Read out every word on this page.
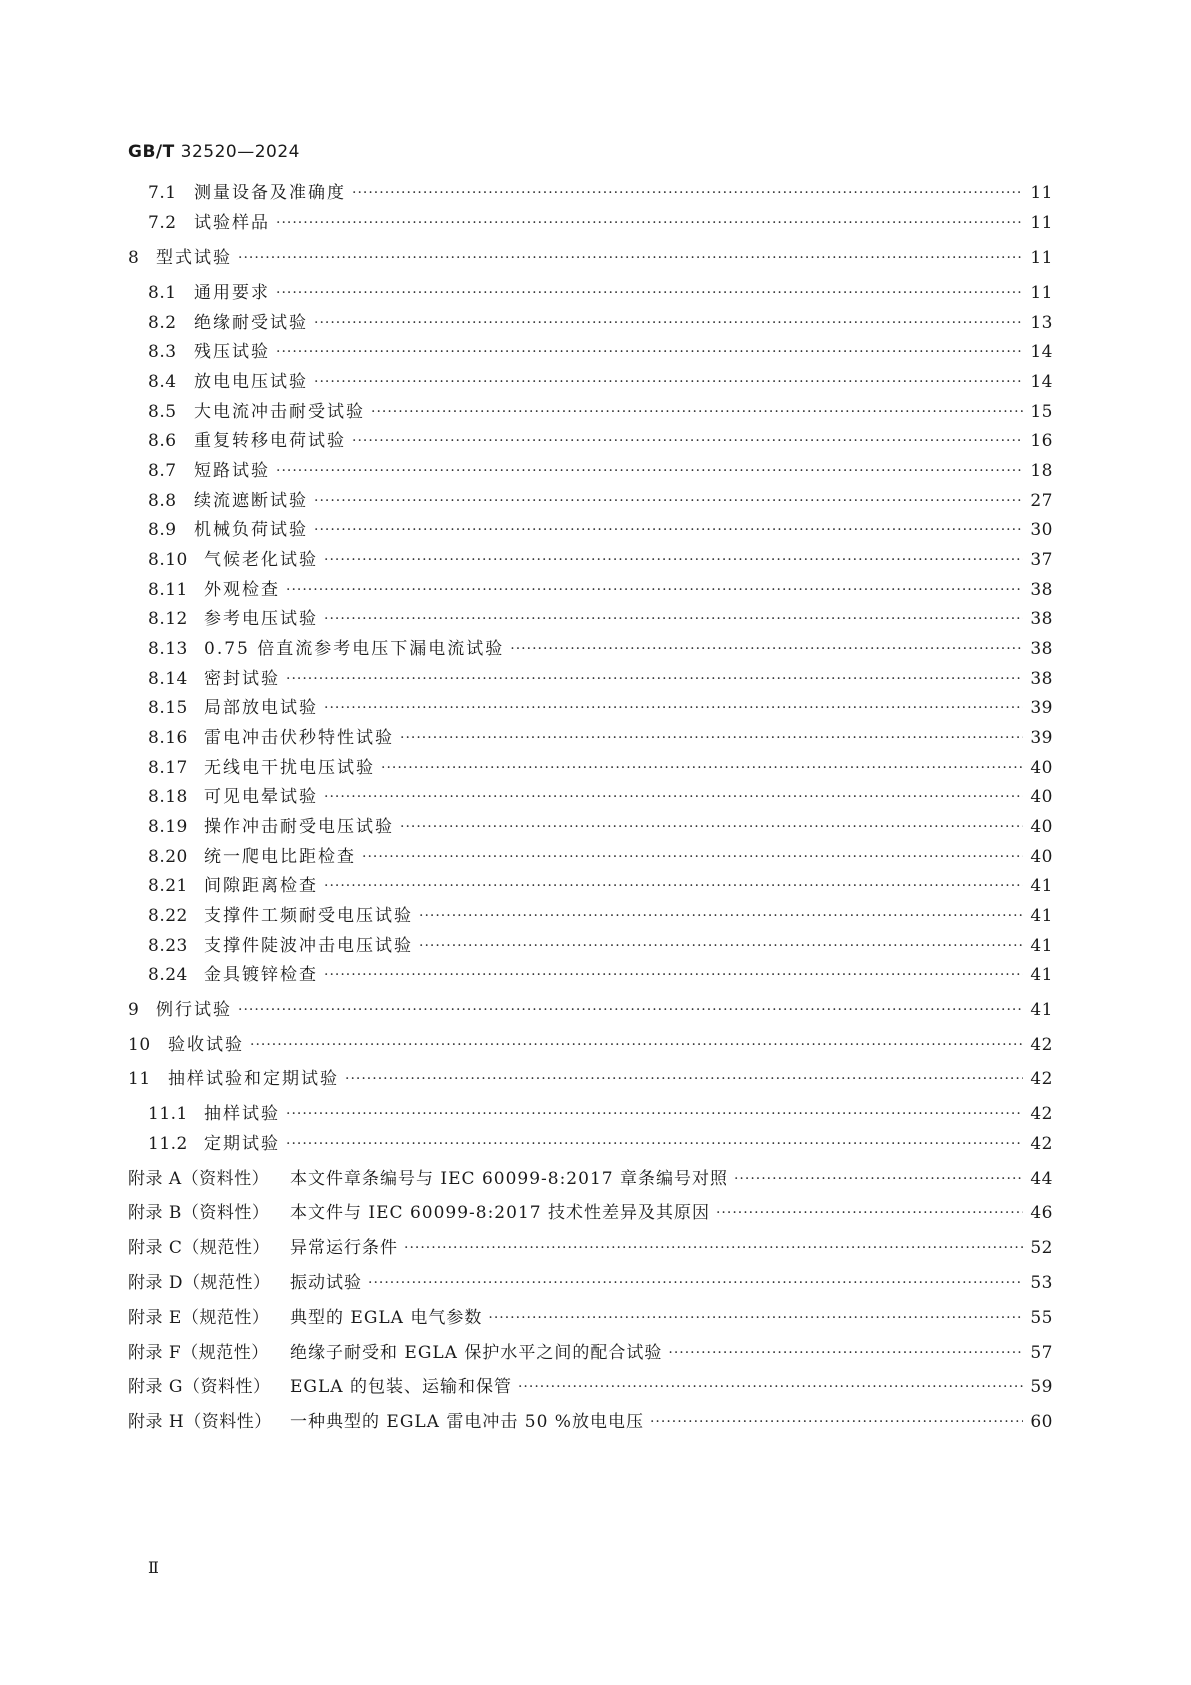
GB/T 32520—2024
7.1	测量设备及准确度 ·····	11
7.2	试验样品 ·····	11
8 型式试验 ·····	11
8.1	通用要求 ·····	11
8.2	绝缘耐受试验 ·····	13
8.3	残压试验 ·····	14
8.4	放电电压试验 ·····	14
8.5	大电流冲击耐受试验 ·····	15
8.6	重复转移电荷试验 ·····	16
8.7	短路试验 ·····	18
8.8	续流遮断试验 ·····	27
8.9	机械负荷试验 ·····	30
8.10 气候老化试验 ·····	37
8.11 外观检查 ·····	38
8.12 参考电压试验 ·····	38
8.13 0.75 倍直流参考电压下漏电流试验 ·····	38
8.14 密封试验 ·····	38
8.15 局部放电试验 ·····	39
8.16 雷电冲击伏秒特性试验 ·····	39
8.17 无线电干扰电压试验 ·····	40
8.18 可见电晕试验 ·····	40
8.19 操作冲击耐受电压试验 ·····	40
8.20 统一爬电比距检查 ·····	40
8.21 间隙距离检查 ·····	41
8.22 支撑件工频耐受电压试验 ·····	41
8.23 支撑件陡波冲击电压试验 ·····	41
8.24 金具镀锌检查 ·····	41
9 例行试验 ·····	41
10	验收试验 ·····	42
11	抽样试验和定期试验 ·····	42
11.1 抽样试验 ·····	42
11.2 定期试验 ·····	42
附录 A（资料性）	本文件章条编号与 IEC 60099-8:2017 章条编号对照 ·····	44
附录 B（资料性）	本文件与 IEC 60099-8:2017 技术性差异及其原因 ·····	46
附录 C（规范性）	异常运行条件 ·····	52
附录 D（规范性）	振动试验 ·····	53
附录 E（规范性）	典型的 EGLA 电气参数 ·····	55
附录 F（规范性）	绝缘子耐受和 EGLA 保护水平之间的配合试验 ·····	57
附录 G（资料性）	EGLA 的包装、运输和保管 ·····	59
附录 H（资料性）	一种典型的 EGLA 雷电冲击 50 %放电电压 ·····	60
Ⅱ
